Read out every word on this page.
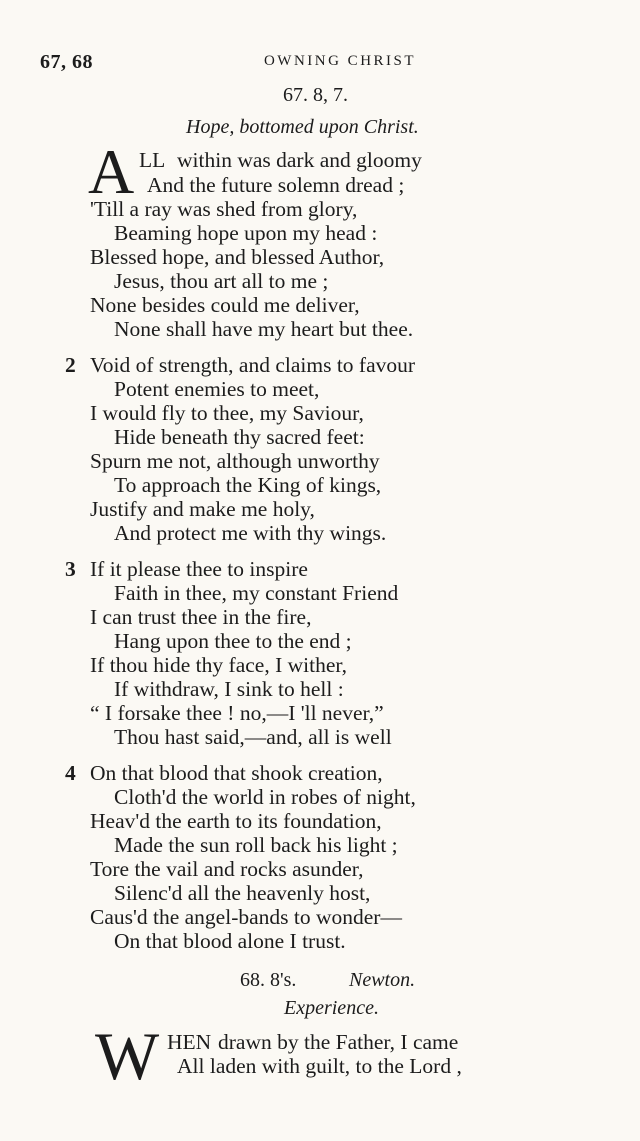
67, 68	OWNING CHRIST
67. 8, 7.
Hope, bottomed upon Christ.
A LL within was dark and gloomy
And the future solemn dread ;
'Till a ray was shed from glory,
Beaming hope upon my head :
Blessed hope, and blessed Author,
Jesus, thou art all to me ;
None besides could me deliver,
None shall have my heart but thee.
2 Void of strength, and claims to favour
Potent enemies to meet,
I would fly to thee, my Saviour,
Hide beneath thy sacred feet:
Spurn me not, although unworthy
To approach the King of kings,
Justify and make me holy,
And protect me with thy wings.
3 If it please thee to inspire
Faith in thee, my constant Friend
I can trust thee in the fire,
Hang upon thee to the end ;
If thou hide thy face, I wither,
If withdraw, I sink to hell :
“ I forsake thee ! no,—I 'll never,”
Thou hast said,—and, all is well
4 On that blood that shook creation,
Cloth'd the world in robes of night,
Heav'd the earth to its foundation,
Made the sun roll back his light ;
Tore the vail and rocks asunder,
Silenc'd all the heavenly host,
Caus'd the angel-bands to wonder—
On that blood alone I trust.
68. 8's.	Newton.
Experience.
W HEN drawn by the Father, I came
All laden with guilt, to the Lord ,
